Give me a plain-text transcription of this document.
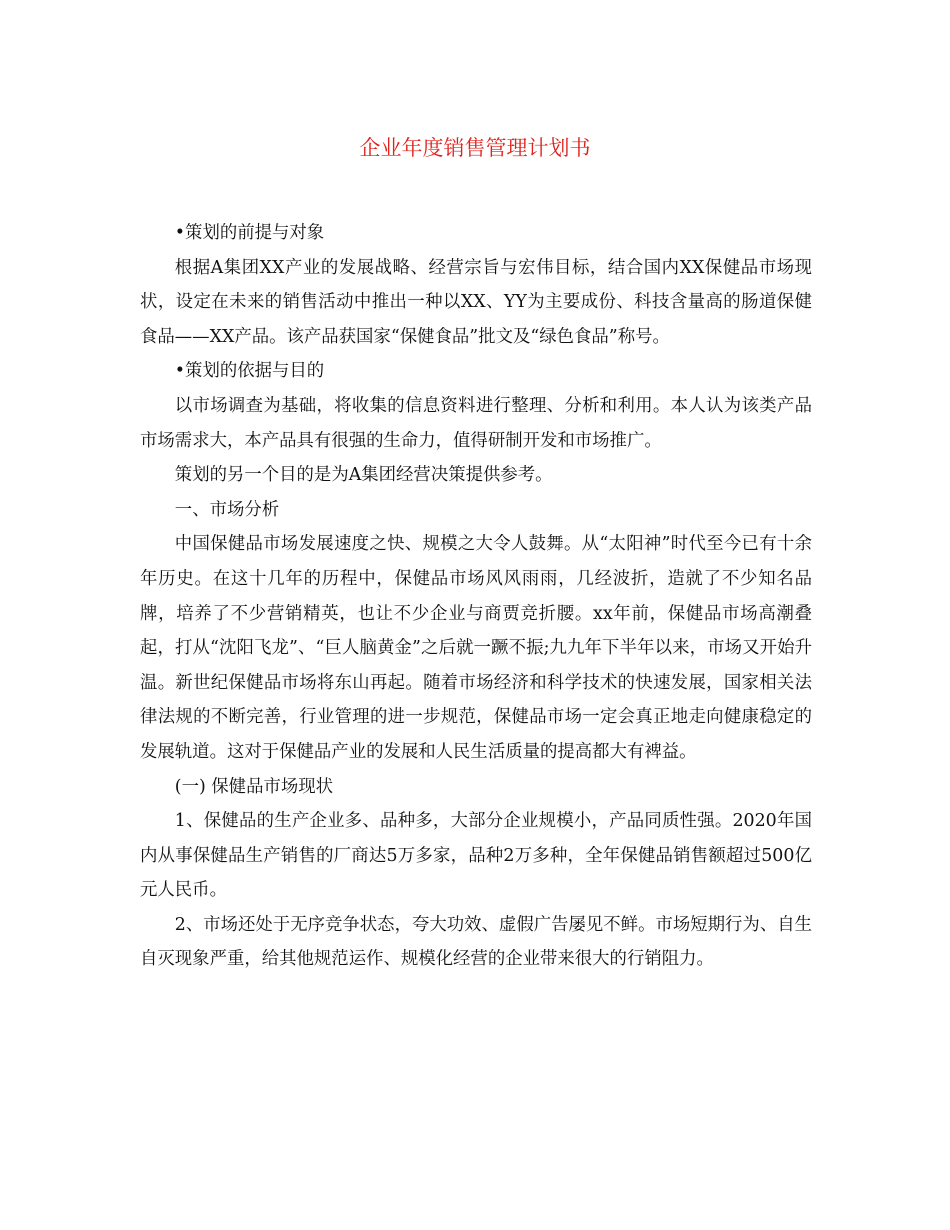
企业年度销售管理计划书

•策划的前提与对象

根据A集团XX产业的发展战略、经营宗旨与宏伟目标，结合国内XX保健品市场现状，设定在未来的销售活动中推出一种以XX、YY为主要成份、科技含量高的肠道保健食品——XX产品。该产品获国家“保健食品”批文及“绿色食品”称号。

•策划的依据与目的

以市场调查为基础，将收集的信息资料进行整理、分析和利用。本人认为该类产品市场需求大，本产品具有很强的生命力，值得研制开发和市场推广。

策划的另一个目的是为A集团经营决策提供参考。

一、市场分析

中国保健品市场发展速度之快、规模之大令人鼓舞。从“太阳神”时代至今已有十余年历史。在这十几年的历程中，保健品市场风风雨雨，几经波折，造就了不少知名品牌，培养了不少营销精英，也让不少企业与商贾竞折腰。xx年前，保健品市场高潮叠起，打从“沈阳飞龙”、“巨人脑黄金”之后就一蹶不振;九九年下半年以来，市场又开始升温。新世纪保健品市场将东山再起。随着市场经济和科学技术的快速发展，国家相关法律法规的不断完善，行业管理的进一步规范，保健品市场一定会真正地走向健康稳定的发展轨道。这对于保健品产业的发展和人民生活质量的提高都大有裨益。

(一) 保健品市场现状

1、保健品的生产企业多、品种多，大部分企业规模小，产品同质性强。2020年国内从事保健品生产销售的厂商达5万多家，品种2万多种，全年保健品销售额超过500亿元人民币。

2、市场还处于无序竞争状态，夸大功效、虚假广告屡见不鲜。市场短期行为、自生自灭现象严重，给其他规范运作、规模化经营的企业带来很大的行销阻力。
